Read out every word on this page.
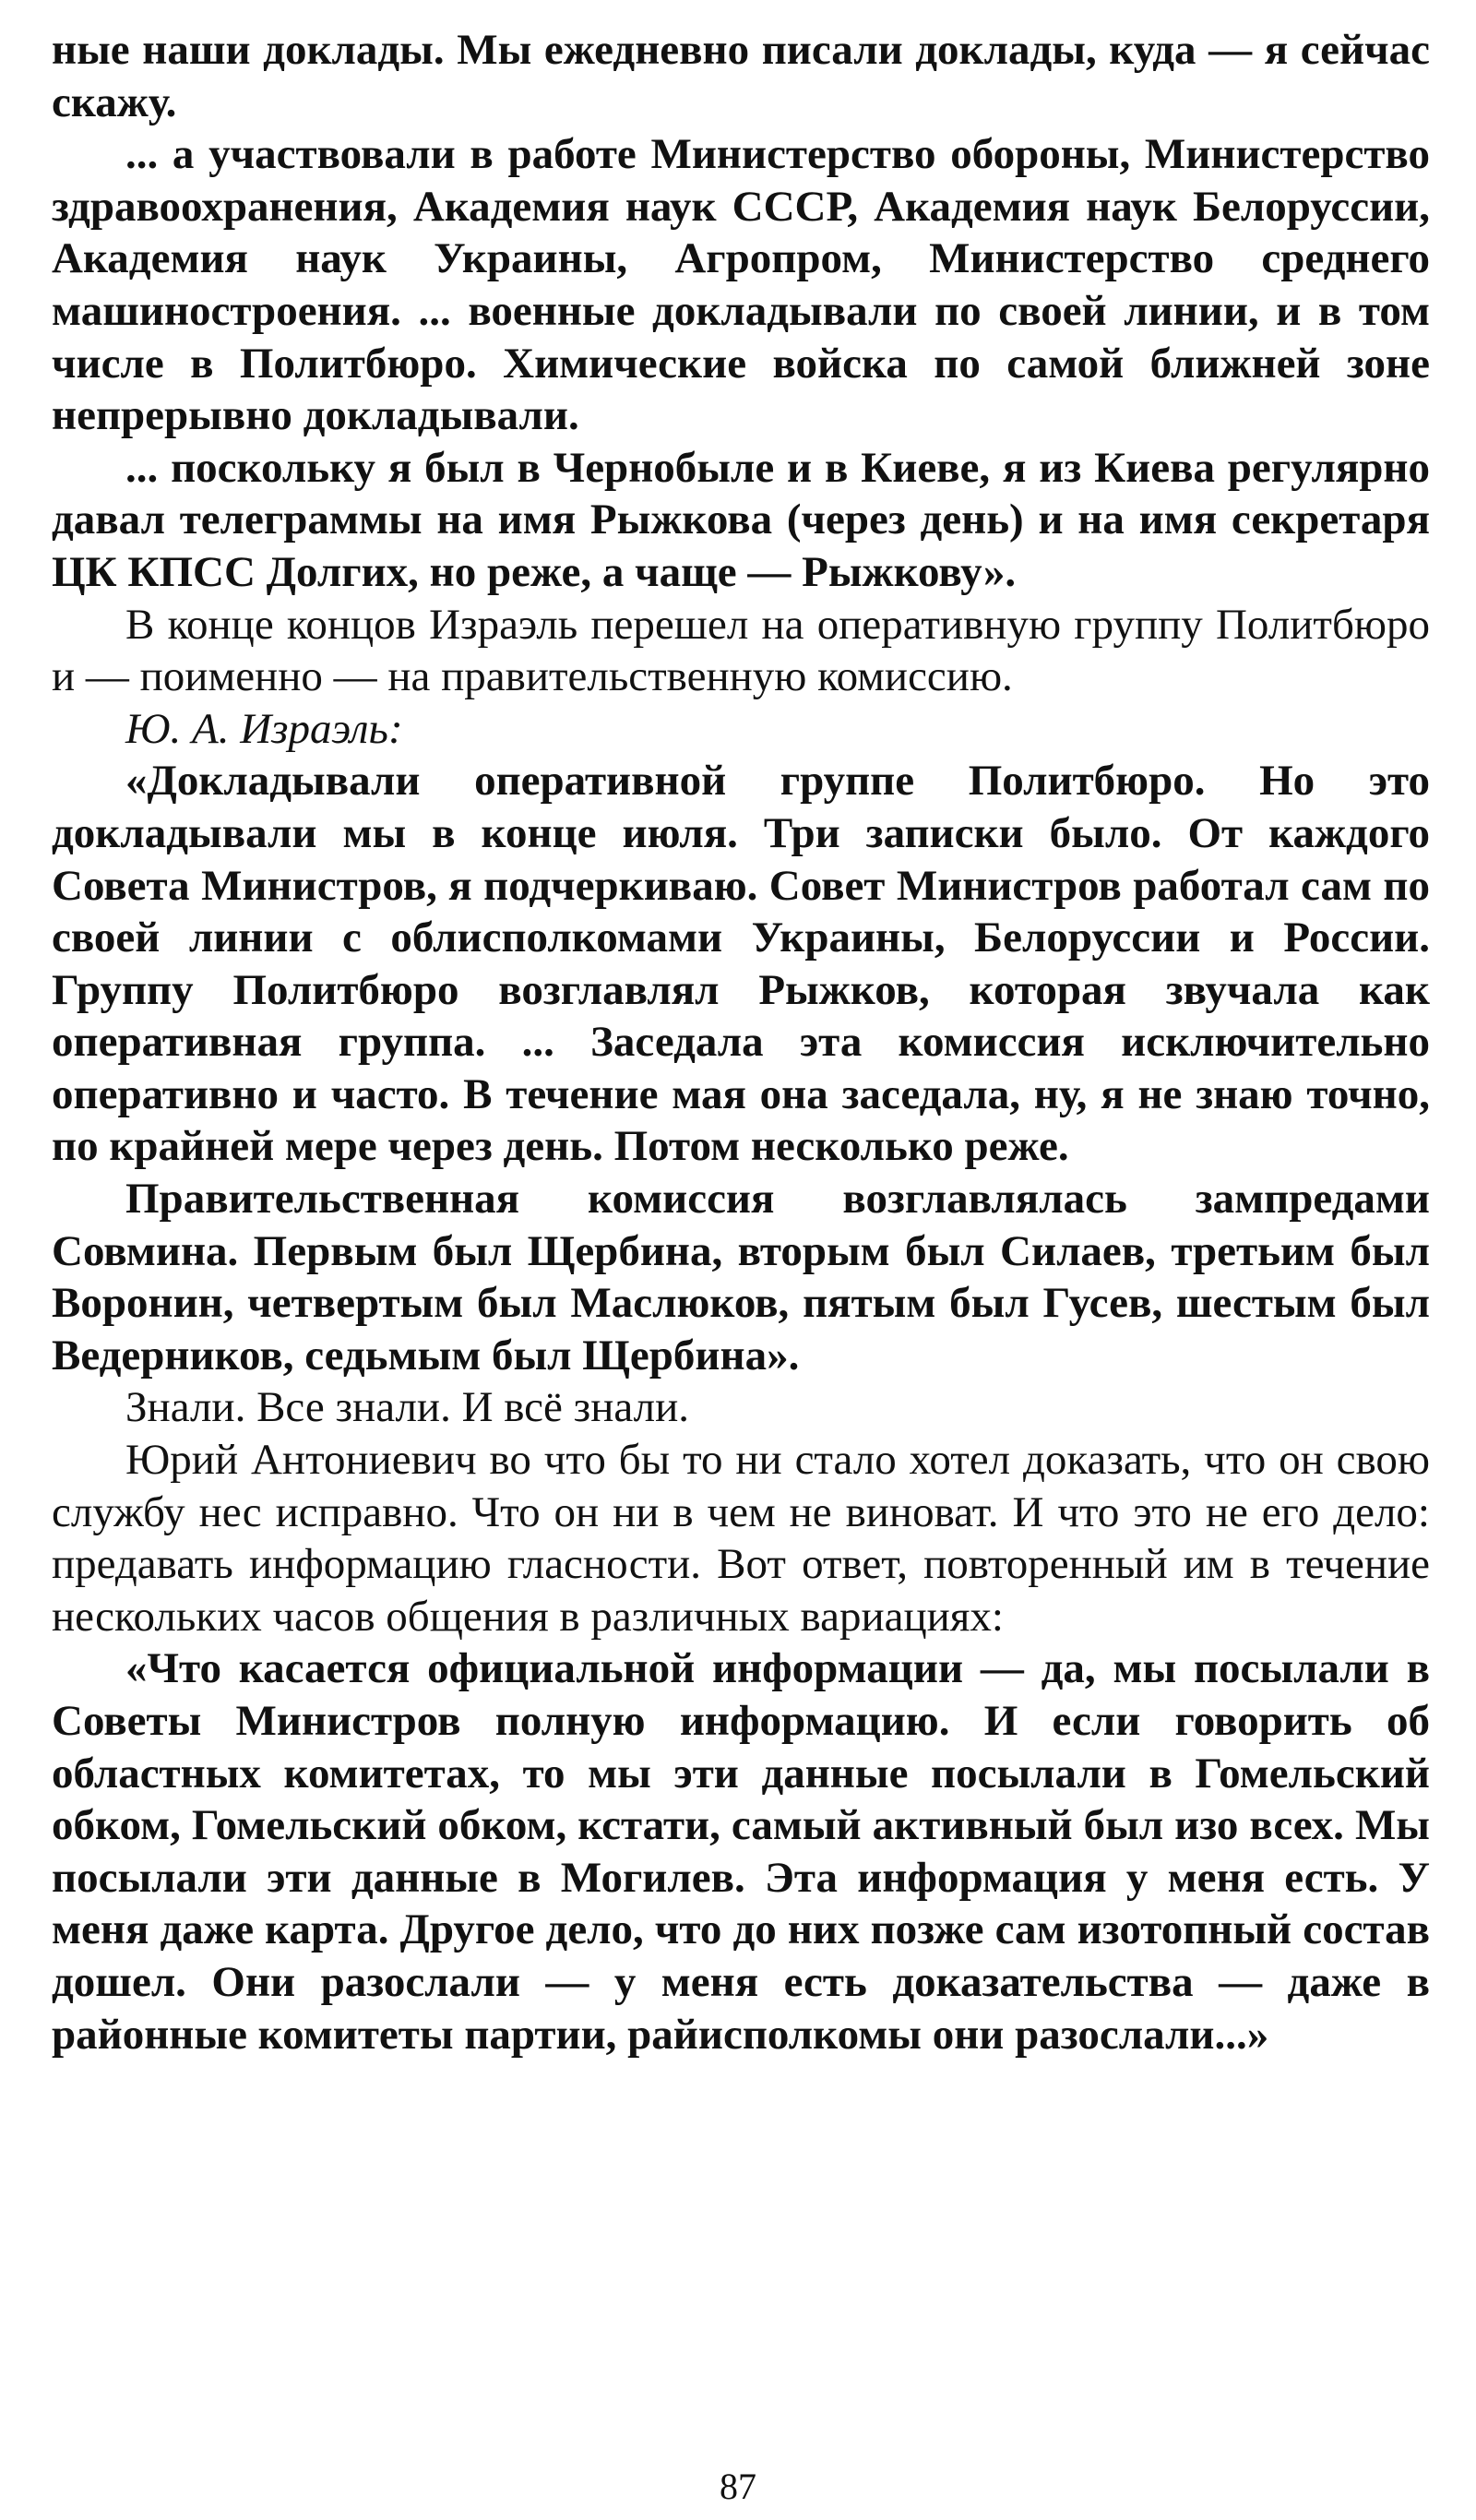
ные наши доклады. Мы ежедневно писали доклады, куда — я сейчас скажу.

... а участвовали в работе Министерство обороны, Министерство здравоохранения, Академия наук СССР, Академия наук Белоруссии, Академия наук Украины, Агропром, Министерство среднего машиностроения. ... военные докладывали по своей линии, и в том числе в Политбюро. Химические войска по самой ближней зоне непрерывно докладывали.

... поскольку я был в Чернобыле и в Киеве, я из Киева регулярно давал телеграммы на имя Рыжкова (через день) и на имя секретаря ЦК КПСС Долгих, но реже, а чаще — Рыжкову».

В конце концов Израэль перешел на оперативную группу Политбюро и — поименно — на правительственную комиссию.

Ю. А. Израэль:

«Докладывали оперативной группе Политбюро. Но это докладывали мы в конце июля. Три записки было. От каждого Совета Министров, я подчеркиваю. Совет Министров работал сам по своей линии с облисполкомами Украины, Белоруссии и России. Группу Политбюро возглавлял Рыжков, которая звучала как оперативная группа. ... Заседала эта комиссия исключительно оперативно и часто. В течение мая она заседала, ну, я не знаю точно, по крайней мере через день. Потом несколько реже.

Правительственная комиссия возглавлялась зампредами Совмина. Первым был Щербина, вторым был Силаев, третьим был Воронин, четвертым был Маслюков, пятым был Гусев, шестым был Ведерников, седьмым был Щербина».

Знали. Все знали. И всё знали.

Юрий Антониевич во что бы то ни стало хотел доказать, что он свою службу нес исправно. Что он ни в чем не виноват. И что это не его дело: предавать информацию гласности. Вот ответ, повторенный им в течение нескольких часов общения в различных вариациях:

«Что касается официальной информации — да, мы посылали в Советы Министров полную информацию. И если говорить об областных комитетах, то мы эти данные посылали в Гомельский обком, Гомельский обком, кстати, самый активный был изо всех. Мы посылали эти данные в Могилев. Эта информация у меня есть. У меня даже карта. Другое дело, что до них позже сам изотопный состав дошел. Они разослали — у меня есть доказательства — даже в районные комитеты партии, райисполкомы они разослали...»

87
